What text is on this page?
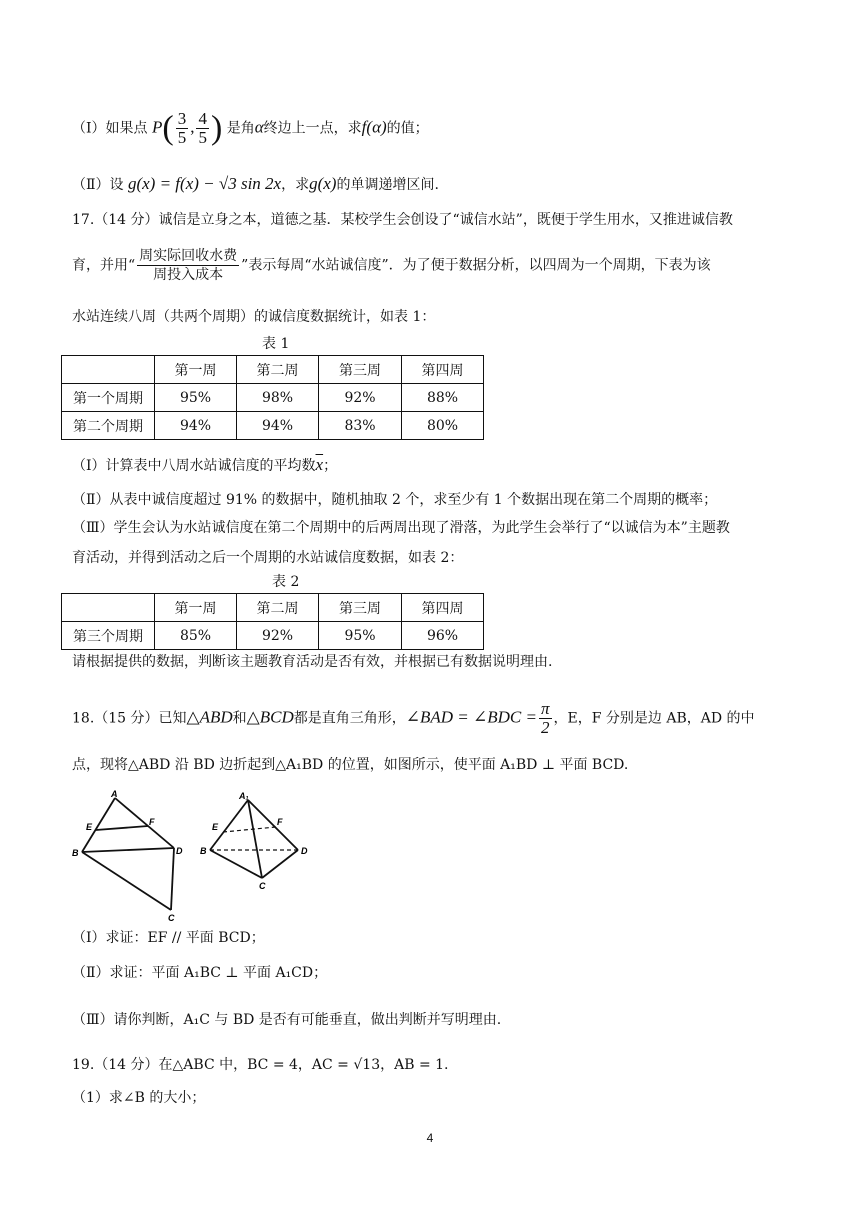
（Ⅰ）如果点 $P( \frac{3}{5}$ , $\frac{4}{5}$ ) 是角α终边上一点，求f(α)的值；
（Ⅱ）设 g(x) = f(x) − √3 sin 2x，求g(x)的单调递增区间.
17.（14 分）诚信是立身之本，道德之基．某校学生会创设了“诚信水站”，既便于学生用水，又推进诚信教
育，并用“ $\frac{\text{周实际回收水费}}{\text{周投入成本}}$ ”表示每周“水站诚信度”．为了便于数据分析，以四周为一个周期，下表为该
水站连续八周（共两个周期）的诚信度数据统计，如表 1：
表 1
	第一周	第二周	第三周	第四周
第一个周期	95%	98%	92%	88%
第二个周期	94%	94%	83%	80%
（Ⅰ）计算表中八周水站诚信度的平均数$\overline{x}$；
（Ⅱ）从表中诚信度超过 91% 的数据中，随机抽取 2 个，求至少有 1 个数据出现在第二个周期的概率；
（Ⅲ）学生会认为水站诚信度在第二个周期中的后两周出现了滑落，为此学生会举行了“以诚信为本”主题教
育活动，并得到活动之后一个周期的水站诚信度数据，如表 2：
表 2
	第一周	第二周	第三周	第四周
第三个周期	85%	92%	95%	96%
请根据提供的数据，判断该主题教育活动是否有效，并根据已有数据说明理由.
18.（15 分）已知△ABD和△BCD都是直角三角形，∠BAD = ∠BDC = $\frac{\pi}{2}$ ，E，F 分别是边 AB，AD 的中
点，现将△ABD 沿 BD 边折起到△A₁BD 的位置，如图所示，使平面 A₁BD ⊥ 平面 BCD.
A
E	F
B	D
C
A₁
E	F
B	D
C
（Ⅰ）求证：EF // 平面 BCD；
（Ⅱ）求证：平面 A₁BC ⊥ 平面 A₁CD；
（Ⅲ）请你判断，A₁C 与 BD 是否有可能垂直，做出判断并写明理由.
19.（14 分）在△ABC 中，BC = 4，AC = √13，AB = 1.
（1）求∠B 的大小；
4
